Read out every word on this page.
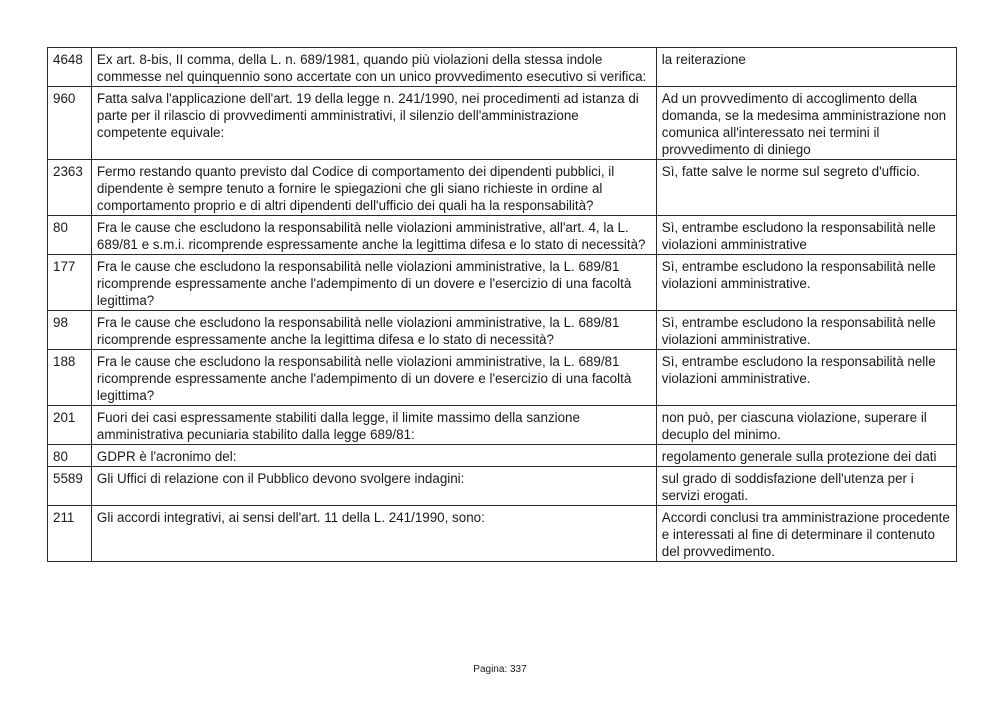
4648	Ex art. 8-bis, II comma, della L. n. 689/1981, quando più violazioni della stessa indole commesse nel quinquennio sono accertate con un unico provvedimento esecutivo si verifica:	la reiterazione
960	Fatta salva l'applicazione dell'art. 19 della legge n. 241/1990, nei procedimenti ad istanza di parte per il rilascio di provvedimenti amministrativi, il silenzio dell'amministrazione competente equivale:	Ad un provvedimento di accoglimento della domanda, se la medesima amministrazione non comunica all'interessato nei termini il provvedimento di diniego
2363	Fermo restando quanto previsto dal Codice di comportamento dei dipendenti pubblici, il dipendente è sempre tenuto a fornire le spiegazioni che gli siano richieste in ordine al comportamento proprio e di altri dipendenti dell'ufficio dei quali ha la responsabilità?	Sì, fatte salve le norme sul segreto d'ufficio.
80	Fra le cause che escludono la responsabilità nelle violazioni amministrative, all'art. 4, la L. 689/81 e s.m.i. ricomprende espressamente anche la legittima difesa e lo stato di necessità?	Sì, entrambe escludono la responsabilità nelle violazioni amministrative
177	Fra le cause che escludono la responsabilità nelle violazioni amministrative, la L. 689/81 ricomprende espressamente anche l'adempimento di un dovere e l'esercizio di una facoltà legittima?	Sì, entrambe escludono la responsabilità nelle violazioni amministrative.
98	Fra le cause che escludono la responsabilità nelle violazioni amministrative, la L. 689/81 ricomprende espressamente anche la legittima difesa e lo stato di necessità?	Sì, entrambe escludono la responsabilità nelle violazioni amministrative.
188	Fra le cause che escludono la responsabilità nelle violazioni amministrative, la L. 689/81 ricomprende espressamente anche l'adempimento di un dovere e l'esercizio di una facoltà legittima?	Sì, entrambe escludono la responsabilità nelle violazioni amministrative.
201	Fuori dei casi espressamente stabiliti dalla legge, il limite massimo della sanzione amministrativa pecuniaria stabilito dalla legge 689/81:	non può, per ciascuna violazione, superare il decuplo del minimo.
80	GDPR è l'acronimo del:	regolamento generale sulla protezione dei dati
5589	Gli Uffici di relazione con il Pubblico devono svolgere indagini:	sul grado di soddisfazione dell'utenza per i servizi erogati.
211	Gli accordi integrativi, ai sensi dell'art. 11 della L. 241/1990, sono:	Accordi conclusi tra amministrazione procedente e interessati al fine di determinare il contenuto del provvedimento.
Pagina: 337
